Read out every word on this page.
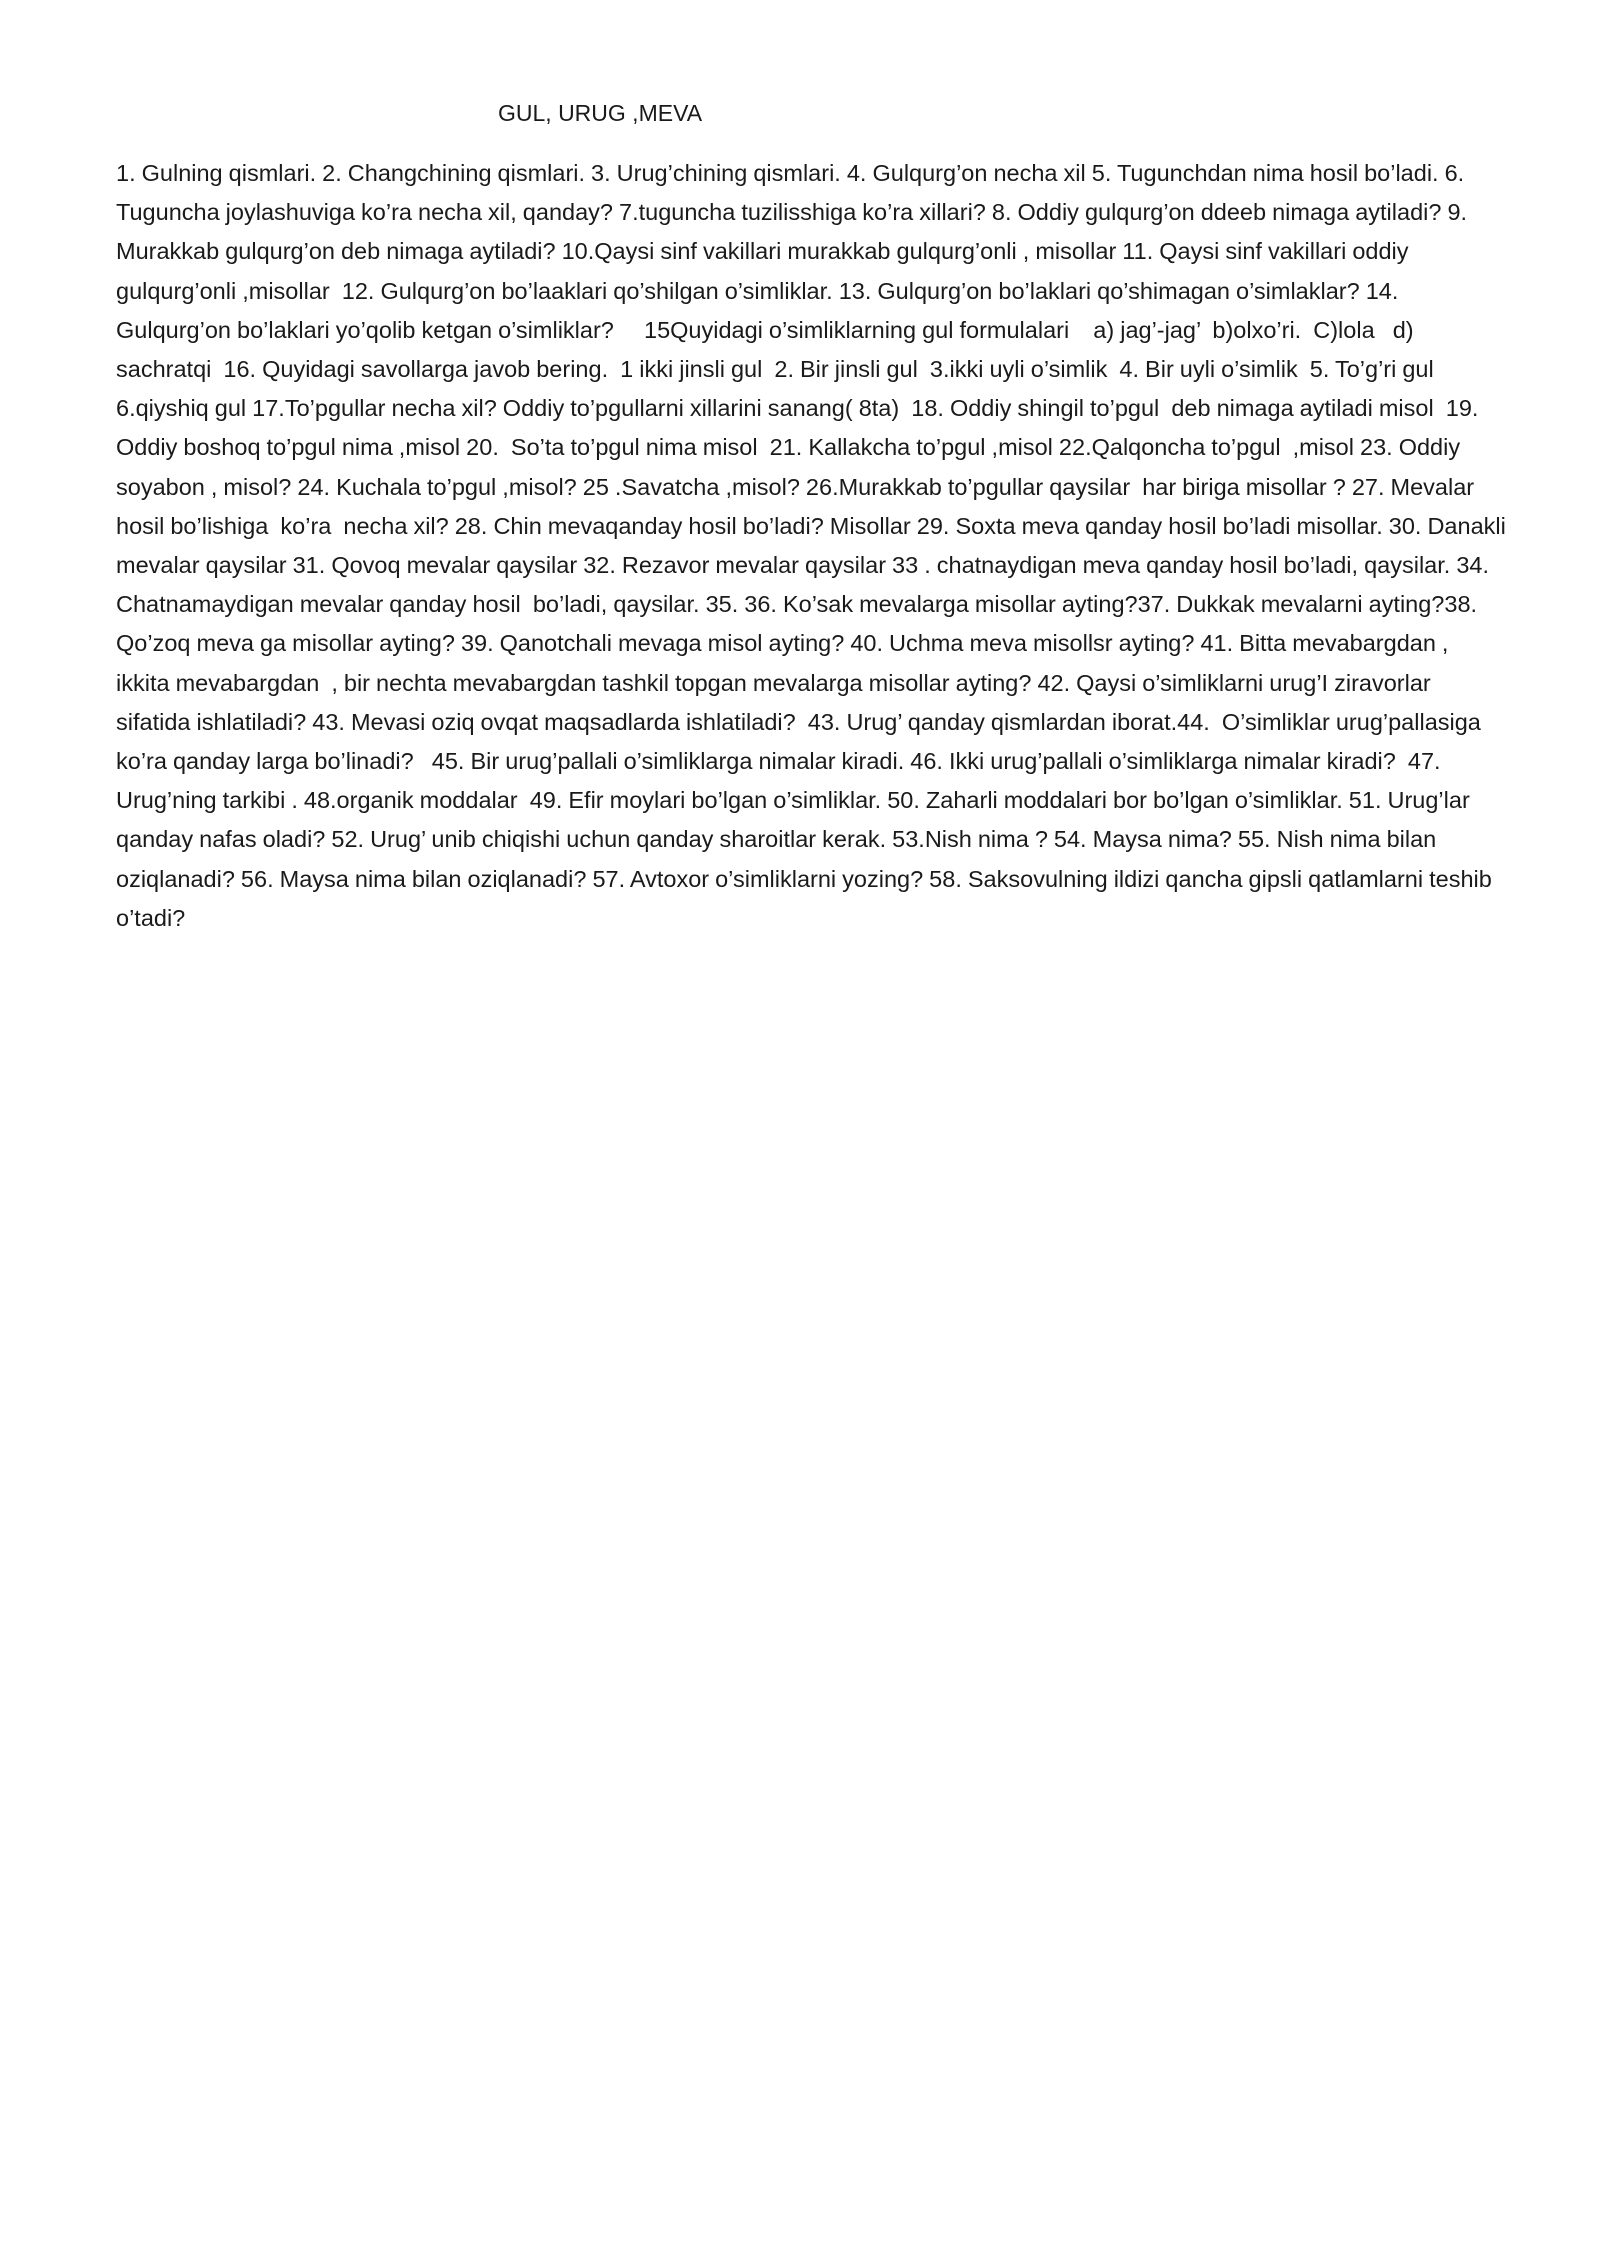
GUL, URUG ,MEVA

1. Gulning qismlari. 2. Changchining qismlari. 3. Urug’chining qismlari. 4. Gulqurg’on necha xil 5. Tugunchdan nima hosil bo’ladi. 6. Tuguncha joylashuviga ko’ra necha xil, qanday? 7.tuguncha tuzilisshiga ko’ra xillari? 8. Oddiy gulqurg’on ddeeb nimaga aytiladi? 9. Murakkab gulqurg’on deb nimaga aytiladi? 10.Qaysi sinf vakillari murakkab gulqurg’onli , misollar 11. Qaysi sinf vakillari oddiy gulqurg’onli ,misollar  12. Gulqurg’on bo’laaklari qo’shilgan o’simliklar. 13. Gulqurg’on bo’laklari qo’shimagan o’simlaklar? 14. Gulqurg’on bo’laklari yo’qolib ketgan o’simliklar?     15Quyidagi o’simliklarning gul formulalari    a) jag’-jag’  b)olxo’ri.  C)lola   d) sachratqi  16. Quyidagi savollarga javob bering.  1 ikki jinsli gul  2. Bir jinsli gul  3.ikki uyli o’simlik  4. Bir uyli o’simlik  5. To’g’ri gul 6.qiyshiq gul 17.To’pgullar necha xil? Oddiy to’pgullarni xillarini sanang( 8ta)  18. Oddiy shingil to’pgul  deb nimaga aytiladi misol  19. Oddiy boshoq to’pgul nima ,misol 20.  So’ta to’pgul nima misol  21. Kallakcha to’pgul ,misol 22.Qalqoncha to’pgul  ,misol 23. Oddiy soyabon , misol? 24. Kuchala to’pgul ,misol? 25 .Savatcha ,misol? 26.Murakkab to’pgullar qaysilar  har biriga misollar ? 27. Mevalar hosil bo’lishiga  ko’ra  necha xil? 28. Chin mevaqanday hosil bo’ladi? Misollar 29. Soxta meva qanday hosil bo’ladi misollar. 30. Danakli mevalar qaysilar 31. Qovoq mevalar qaysilar 32. Rezavor mevalar qaysilar 33 . chatnaydigan meva qanday hosil bo’ladi, qaysilar. 34. Chatnamaydigan mevalar qanday hosil  bo’ladi, qaysilar. 35. 36. Ko’sak mevalarga misollar ayting?37. Dukkak mevalarni ayting?38. Qo’zoq meva ga misollar ayting? 39. Qanotchali mevaga misol ayting? 40. Uchma meva misollsr ayting? 41. Bitta mevabargdan , ikkita mevabargdan  , bir nechta mevabargdan tashkil topgan mevalarga misollar ayting? 42. Qaysi o’simliklarni urug’I ziravorlar  sifatida ishlatiladi? 43. Mevasi oziq ovqat maqsadlarda ishlatiladi?  43. Urug’ qanday qismlardan iborat.44.  O’simliklar urug’pallasiga ko’ra qanday larga bo’linadi?   45. Bir urug’pallali o’simliklarga nimalar kiradi. 46. Ikki urug’pallali o’simliklarga nimalar kiradi?  47. Urug’ning tarkibi . 48.organik moddalar  49. Efir moylari bo’lgan o’simliklar. 50. Zaharli moddalari bor bo’lgan o’simliklar. 51. Urug’lar qanday nafas oladi? 52. Urug’ unib chiqishi uchun qanday sharoitlar kerak. 53.Nish nima ? 54. Maysa nima? 55. Nish nima bilan oziqlanadi? 56. Maysa nima bilan oziqlanadi? 57. Avtoxor o’simliklarni yozing? 58. Saksovulning ildizi qancha gipsli qatlamlarni teshib o’tadi?
